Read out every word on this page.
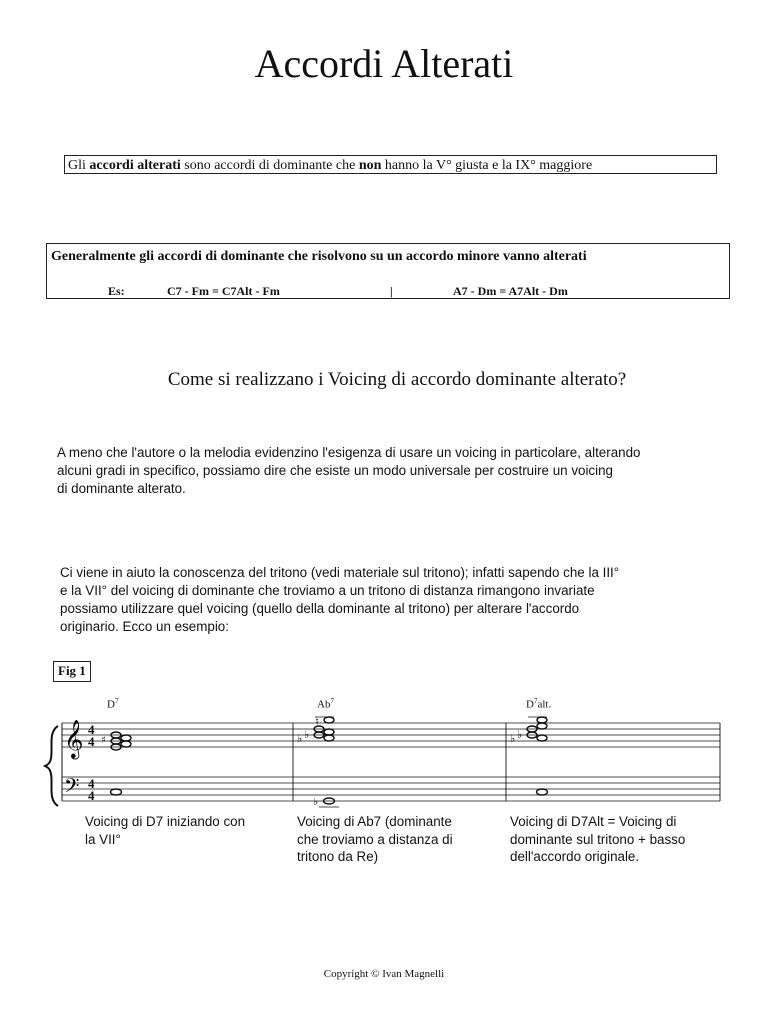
Accordi Alterati
Gli accordi alterati sono accordi di dominante che non hanno la V° giusta e la IX° maggiore
Generalmente gli accordi di dominante che risolvono su un accordo minore vanno alterati
Es:	C7 - Fm = C7Alt - Fm	|	A7 - Dm = A7Alt - Dm
Come si realizzano i Voicing di accordo dominante alterato?
A meno che l'autore o la melodia evidenzino l'esigenza di usare un voicing in particolare, alterando
alcuni gradi in specifico, possiamo dire che esiste un modo universale per costruire un voicing
di dominante alterato.
Ci viene in aiuto la conoscenza del tritono (vedi materiale sul tritono); infatti sapendo che la III°
e la VII° del voicing di dominante che troviamo a un tritono di distanza rimangono invariate
possiamo utilizzare quel voicing (quello della dominante al tritono) per alterare l'accordo
originario. Ecco un esempio:
Fig 1
$D^7$	Ab$^7$	$D^7alt$.
𝄞
𝄢
4
4
4
4
♯
♮
♭ ♭
♭
♭ ♭
Voicing di D7 iniziando con
la VII°
Voicing di Ab7 (dominante
che troviamo a distanza di
tritono da Re)
Voicing di D7Alt = Voicing di
dominante sul tritono + basso
dell'accordo originale.
Copyright © Ivan Magnelli
